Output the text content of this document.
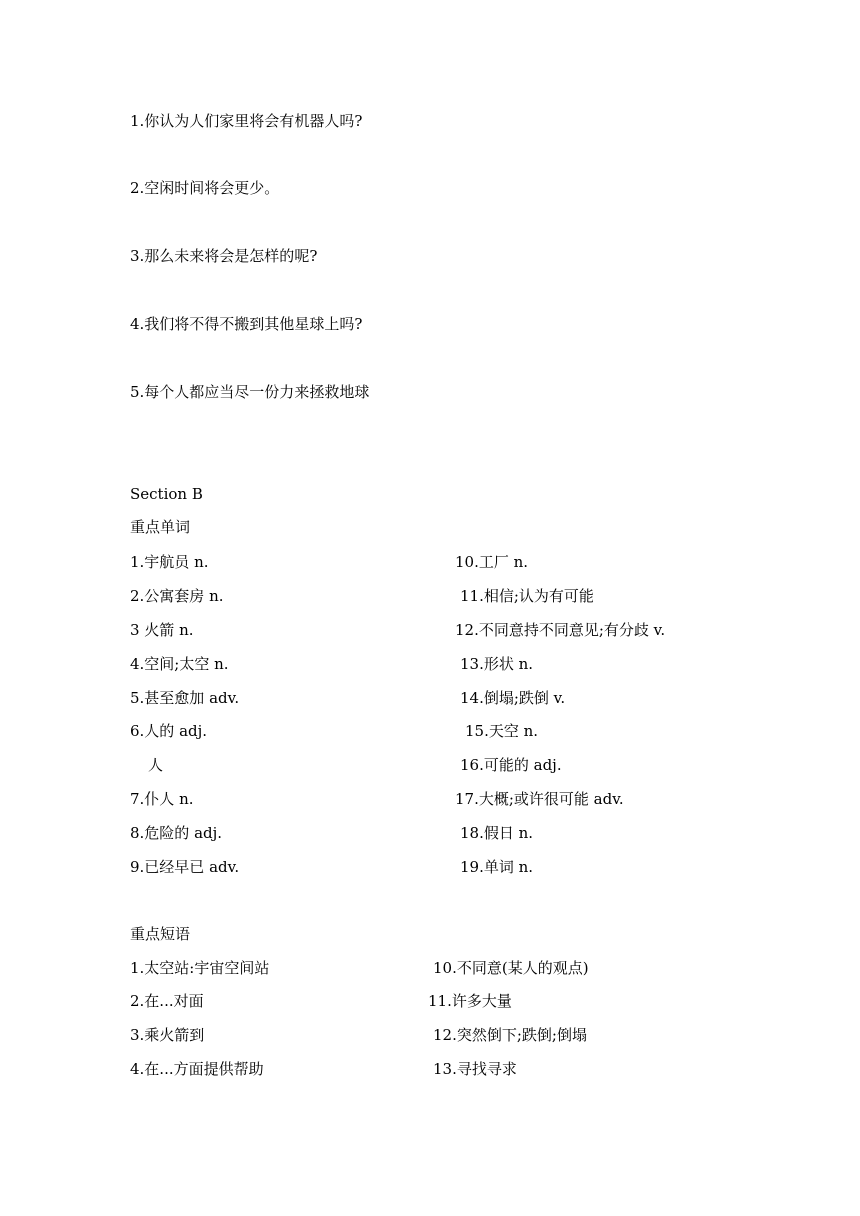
1.你认为人们家里将会有机器人吗?
2.空闲时间将会更少。
3.那么未来将会是怎样的呢?
4.我们将不得不搬到其他星球上吗?
5.每个人都应当尽一份力来拯救地球
Section B
重点单词
1.宇航员 n.
2.公寓套房 n.
3 火箭 n.
4.空间;太空 n.
5.甚至愈加 adv.
6.人的 adj.
人
7.仆人 n.
8.危险的 adj.
9.已经早已 adv.
10.工厂 n.
11.相信;认为有可能
12.不同意持不同意见;有分歧 v.
13.形状 n.
14.倒塌;跌倒 v.
15.天空 n.
16.可能的 adj.
17.大概;或许很可能 adv.
18.假日 n.
19.单词 n.
重点短语
1.太空站:宇宙空间站
2.在...对面
3.乘火箭到
4.在...方面提供帮助
10.不同意(某人的观点)
11.许多大量
12.突然倒下;跌倒;倒塌
13.寻找寻求
